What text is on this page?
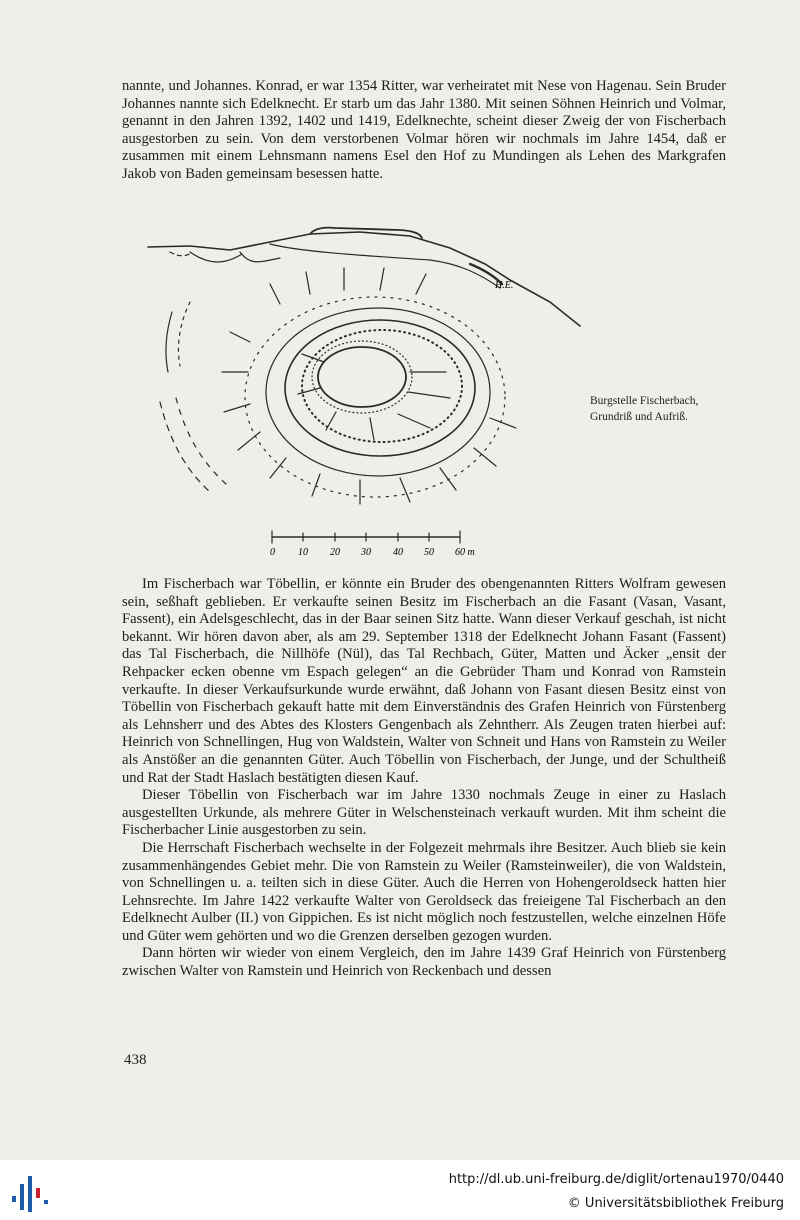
nannte, und Johannes. Konrad, er war 1354 Ritter, war verheiratet mit Nese von Hagenau. Sein Bruder Johannes nannte sich Edelknecht. Er starb um das Jahr 1380. Mit seinen Söhnen Heinrich und Volmar, genannt in den Jahren 1392, 1402 und 1419, Edelknechte, scheint dieser Zweig der von Fischerbach ausgestorben zu sein. Von dem verstorbenen Volmar hören wir nochmals im Jahre 1454, daß er zusammen mit einem Lehnsmann namens Esel den Hof zu Mundingen als Lehen des Markgrafen Jakob von Baden gemeinsam besessen hatte.

H.E.
0 10 20 30 40 50 60 m
Burgstelle Fischerbach,
Grundriß und Aufriß.

Im Fischerbach war Töbellin, er könnte ein Bruder des obengenannten Ritters Wolfram gewesen sein, seßhaft geblieben. Er verkaufte seinen Besitz im Fischerbach an die Fasant (Vasan, Vasant, Fassent), ein Adelsgeschlecht, das in der Baar seinen Sitz hatte. Wann dieser Verkauf geschah, ist nicht bekannt. Wir hören davon aber, als am 29. September 1318 der Edelknecht Johann Fasant (Fassent) das Tal Fischerbach, die Nillhöfe (Nül), das Tal Rechbach, Güter, Matten und Äcker „ensit der Rehpacker ecken obenne vm Espach gelegen“ an die Gebrüder Tham und Konrad von Ramstein verkaufte. In dieser Verkaufsurkunde wurde erwähnt, daß Johann von Fasant diesen Besitz einst von Töbellin von Fischerbach gekauft hatte mit dem Einverständnis des Grafen Heinrich von Fürstenberg als Lehnsherr und des Abtes des Klosters Gengenbach als Zehntherr. Als Zeugen traten hierbei auf: Heinrich von Schnellingen, Hug von Waldstein, Walter von Schneit und Hans von Ramstein zu Weiler als Anstößer an die genannten Güter. Auch Töbellin von Fischerbach, der Junge, und der Schultheiß und Rat der Stadt Haslach bestätigten diesen Kauf.

Dieser Töbellin von Fischerbach war im Jahre 1330 nochmals Zeuge in einer zu Haslach ausgestellten Urkunde, als mehrere Güter in Welschensteinach verkauft wurden. Mit ihm scheint die Fischerbacher Linie ausgestorben zu sein.

Die Herrschaft Fischerbach wechselte in der Folgezeit mehrmals ihre Besitzer. Auch blieb sie kein zusammenhängendes Gebiet mehr. Die von Ramstein zu Weiler (Ramsteinweiler), die von Waldstein, von Schnellingen u. a. teilten sich in diese Güter. Auch die Herren von Hohengeroldseck hatten hier Lehnsrechte. Im Jahre 1422 verkaufte Walter von Geroldseck das freieigene Tal Fischerbach an den Edelknecht Aulber (II.) von Gippichen. Es ist nicht möglich noch festzustellen, welche einzelnen Höfe und Güter wem gehörten und wo die Grenzen derselben gezogen wurden.

Dann hörten wir wieder von einem Vergleich, den im Jahre 1439 Graf Heinrich von Fürstenberg zwischen Walter von Ramstein und Heinrich von Reckenbach und dessen

438
http://dl.ub.uni-freiburg.de/diglit/ortenau1970/0440
© Universitätsbibliothek Freiburg
